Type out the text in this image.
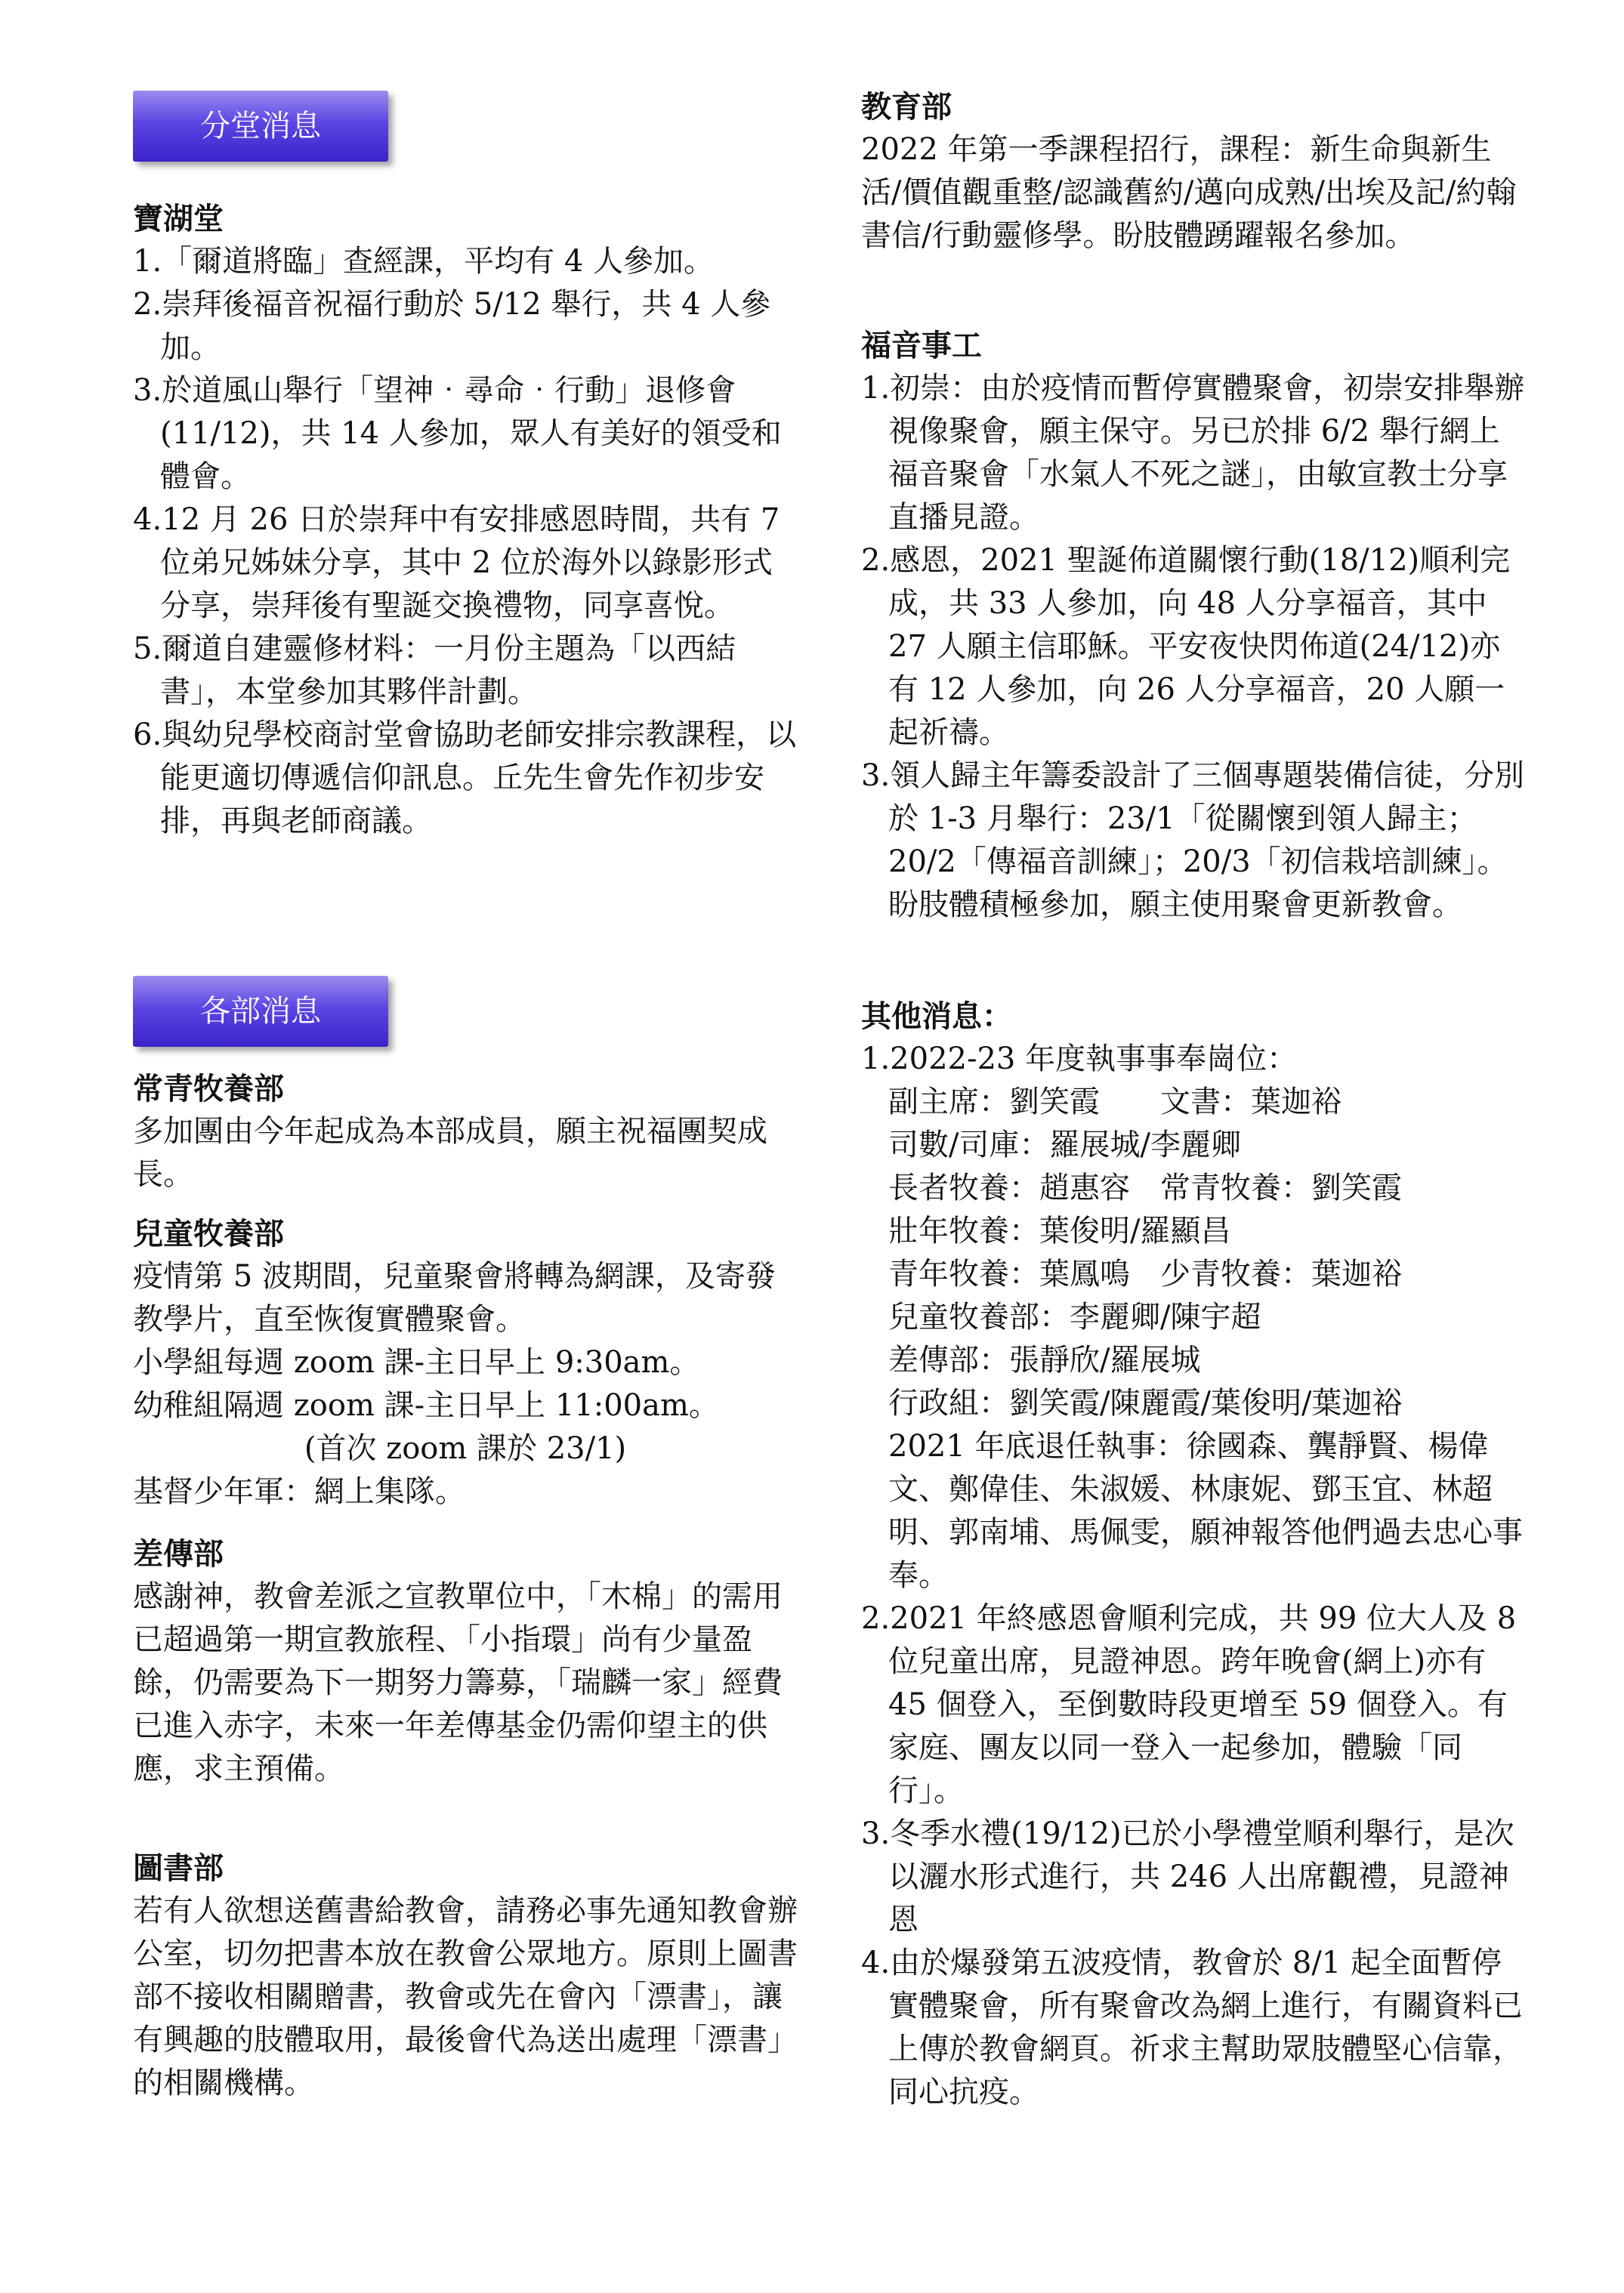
分堂消息

寶湖堂

1.「爾道將臨」查經課，平均有 4 人參加。
2.崇拜後福音祝福行動於 5/12 舉行，共 4 人參加。
3.於道風山舉行「望神‧尋命‧行動」退修會(11/12)，共 14 人參加，眾人有美好的領受和體會。
4.12 月 26 日於崇拜中有安排感恩時間，共有 7 位弟兄姊妹分享，其中 2 位於海外以錄影形式分享，崇拜後有聖誕交換禮物，同享喜悅。
5.爾道自建靈修材料：一月份主題為「以西結書」，本堂參加其夥伴計劃。
6.與幼兒學校商討堂會協助老師安排宗教課程，以能更適切傳遞信仰訊息。丘先生會先作初步安排，再與老師商議。
各部消息

常青牧養部

多加團由今年起成為本部成員，願主祝福團契成長。

兒童牧養部

疫情第 5 波期間，兒童聚會將轉為網課，及寄發教學片，直至恢復實體聚會。

小學組每週 zoom 課-主日早上 9:30am。

幼稚組隔週 zoom 課-主日早上 11:00am。

(首次 zoom 課於 23/1)

基督少年軍：網上集隊。

差傳部

感謝神，教會差派之宣教單位中，「木棉」的需用已超過第一期宣教旅程、「小指環」尚有少量盈餘，仍需要為下一期努力籌募，「瑞麟一家」經費已進入赤字，未來一年差傳基金仍需仰望主的供應，求主預備。

圖書部

若有人欲想送舊書給教會，請務必事先通知教會辦公室，切勿把書本放在教會公眾地方。原則上圖書部不接收相關贈書，教會或先在會內「漂書」，讓有興趣的肢體取用，最後會代為送出處理「漂書」的相關機構。

教育部

2022 年第一季課程招行，課程：新生命與新生活/價值觀重整/認識舊約/邁向成熟/出埃及記/約翰書信/行動靈修學。盼肢體踴躍報名參加。

福音事工

1.初崇：由於疫情而暫停實體聚會，初崇安排舉辦視像聚會，願主保守。另已於排 6/2 舉行網上福音聚會「水氣人不死之謎」，由敏宣教士分享直播見證。
2.感恩，2021 聖誕佈道關懷行動(18/12)順利完成，共 33 人參加，向 48 人分享福音，其中 27 人願主信耶穌。平安夜快閃佈道(24/12)亦有 12 人參加，向 26 人分享福音，20 人願一起祈禱。
3.領人歸主年籌委設計了三個專題裝備信徒，分別於 1-3 月舉行：23/1「從關懷到領人歸主；20/2「傳福音訓練」；20/3「初信栽培訓練」。盼肢體積極參加，願主使用聚會更新教會。

其他消息：

1.2022-23 年度執事事奉崗位：

副主席：劉笑霞　　文書：葉迦裕

司數/司庫：羅展城/李麗卿

長者牧養：趙惠容　常青牧養：劉笑霞

壯年牧養：葉俊明/羅顯昌

青年牧養：葉鳳鳴　少青牧養：葉迦裕

兒童牧養部：李麗卿/陳宇超

差傳部：張靜欣/羅展城

行政組：劉笑霞/陳麗霞/葉俊明/葉迦裕

2021 年底退任執事：徐國森、龔靜賢、楊偉文、鄭偉佳、朱淑媛、林康妮、鄧玉宜、林超明、郭南埔、馬佩雯，願神報答他們過去忠心事奉。

2.2021 年終感恩會順利完成，共 99 位大人及 8 位兒童出席，見證神恩。跨年晚會(網上)亦有 45 個登入，至倒數時段更增至 59 個登入。有家庭、團友以同一登入一起參加，體驗「同行」。
3.冬季水禮(19/12)已於小學禮堂順利舉行，是次以灑水形式進行，共 246 人出席觀禮，見證神恩
4.由於爆發第五波疫情，教會於 8/1 起全面暫停實體聚會，所有聚會改為網上進行，有關資料已上傳於教會網頁。祈求主幫助眾肢體堅心信靠，同心抗疫。
